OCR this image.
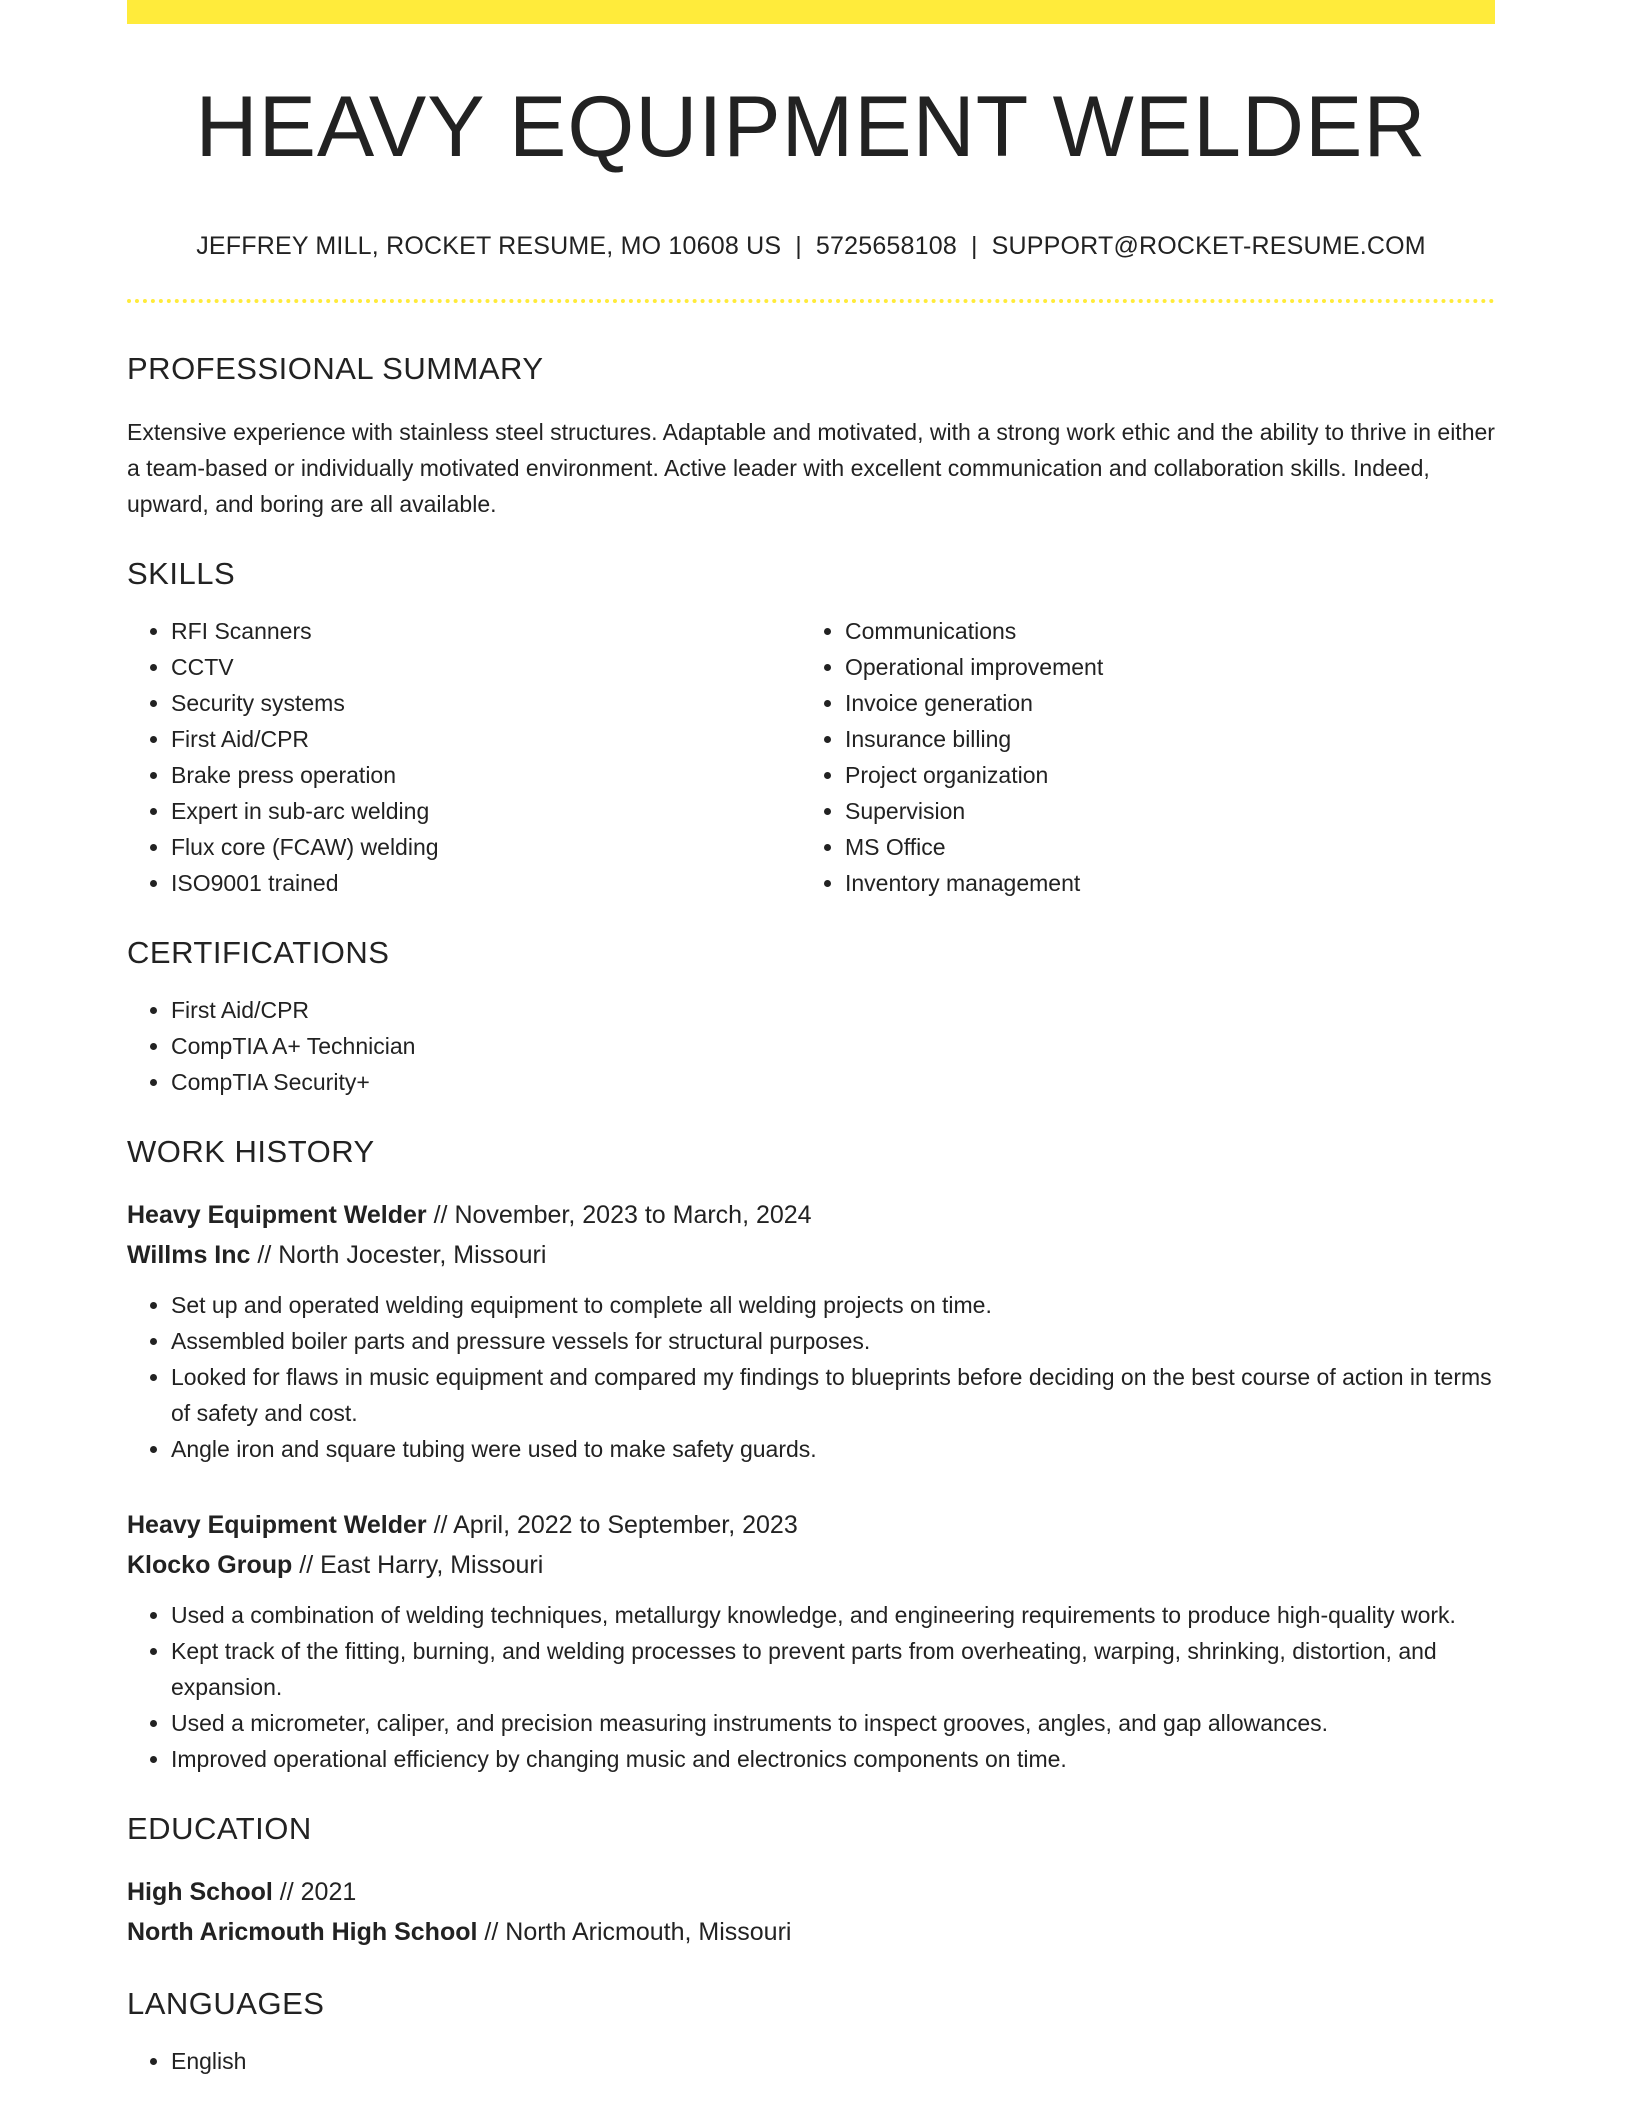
HEAVY EQUIPMENT WELDER
JEFFREY MILL, ROCKET RESUME, MO 10608 US | 5725658108 | SUPPORT@ROCKET-RESUME.COM
PROFESSIONAL SUMMARY
Extensive experience with stainless steel structures. Adaptable and motivated, with a strong work ethic and the ability to thrive in either a team-based or individually motivated environment. Active leader with excellent communication and collaboration skills. Indeed, upward, and boring are all available.
SKILLS
• RFI Scanners
• CCTV
• Security systems
• First Aid/CPR
• Brake press operation
• Expert in sub-arc welding
• Flux core (FCAW) welding
• ISO9001 trained
• Communications
• Operational improvement
• Invoice generation
• Insurance billing
• Project organization
• Supervision
• MS Office
• Inventory management
CERTIFICATIONS
• First Aid/CPR
• CompTIA A+ Technician
• CompTIA Security+
WORK HISTORY
Heavy Equipment Welder // November, 2023 to March, 2024
Willms Inc // North Jocester, Missouri
• Set up and operated welding equipment to complete all welding projects on time.
• Assembled boiler parts and pressure vessels for structural purposes.
• Looked for flaws in music equipment and compared my findings to blueprints before deciding on the best course of action in terms of safety and cost.
• Angle iron and square tubing were used to make safety guards.
Heavy Equipment Welder // April, 2022 to September, 2023
Klocko Group // East Harry, Missouri
• Used a combination of welding techniques, metallurgy knowledge, and engineering requirements to produce high-quality work.
• Kept track of the fitting, burning, and welding processes to prevent parts from overheating, warping, shrinking, distortion, and expansion.
• Used a micrometer, caliper, and precision measuring instruments to inspect grooves, angles, and gap allowances.
• Improved operational efficiency by changing music and electronics components on time.
EDUCATION
High School // 2021
North Aricmouth High School // North Aricmouth, Missouri
LANGUAGES
• English
